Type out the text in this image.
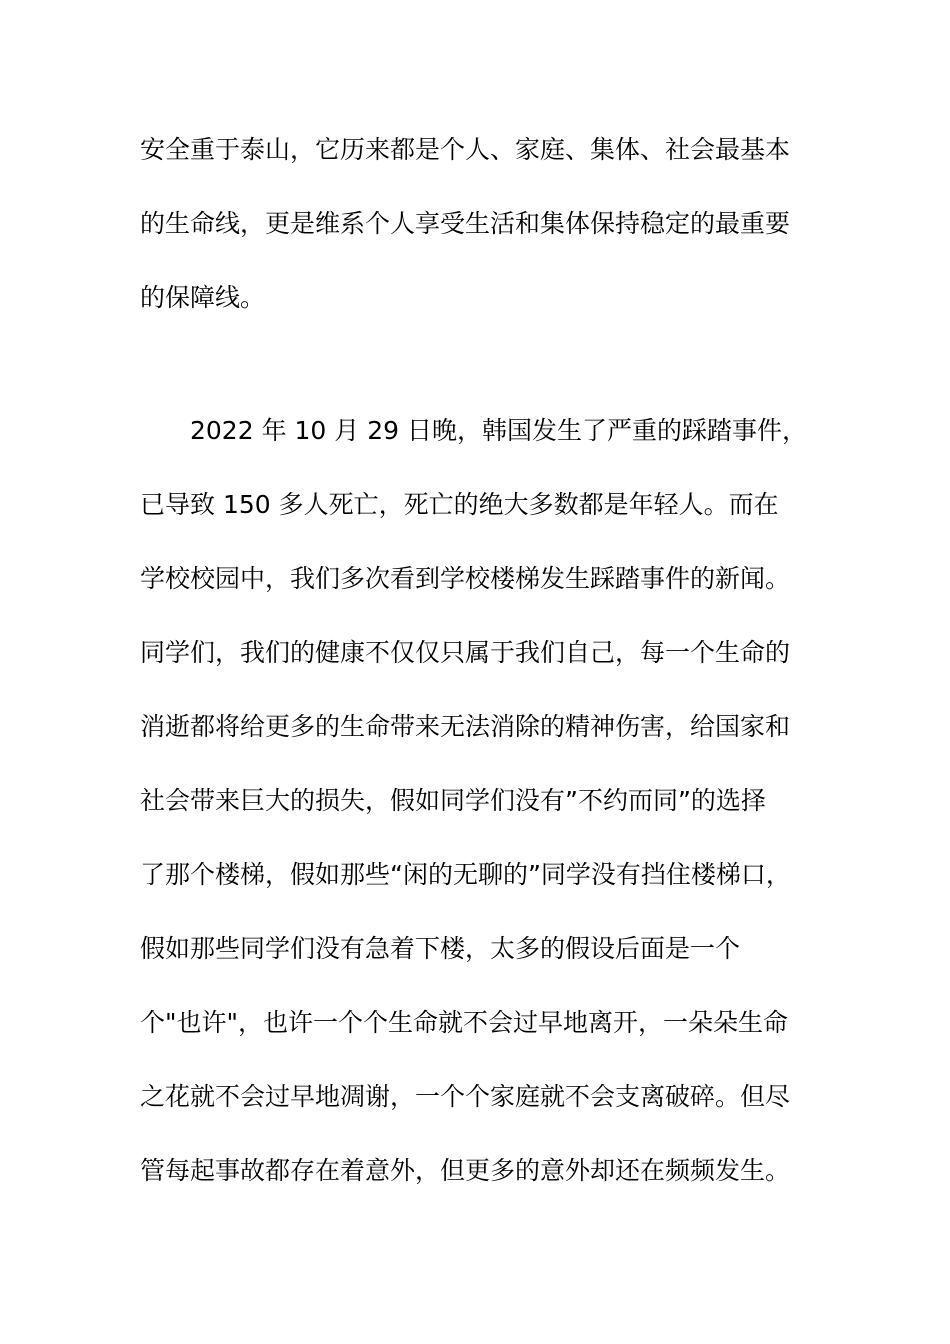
安全重于泰山，它历来都是个人、家庭、集体、社会最基本

的生命线，更是维系个人享受生活和集体保持稳定的最重要

的保障线。

2022 年 10 月 29 日晚，韩国发生了严重的踩踏事件，

已导致 150 多人死亡，死亡的绝大多数都是年轻人。而在

学校校园中，我们多次看到学校楼梯发生踩踏事件的新闻。

同学们，我们的健康不仅仅只属于我们自己，每一个生命的

消逝都将给更多的生命带来无法消除的精神伤害，给国家和

社会带来巨大的损失，假如同学们没有”不约而同”的选择

了那个楼梯，假如那些“闲的无聊的”同学没有挡住楼梯口，

假如那些同学们没有急着下楼，太多的假设后面是一个

个"也许"，也许一个个生命就不会过早地离开，一朵朵生命

之花就不会过早地凋谢，一个个家庭就不会支离破碎。但尽

管每起事故都存在着意外，但更多的意外却还在频频发生。
